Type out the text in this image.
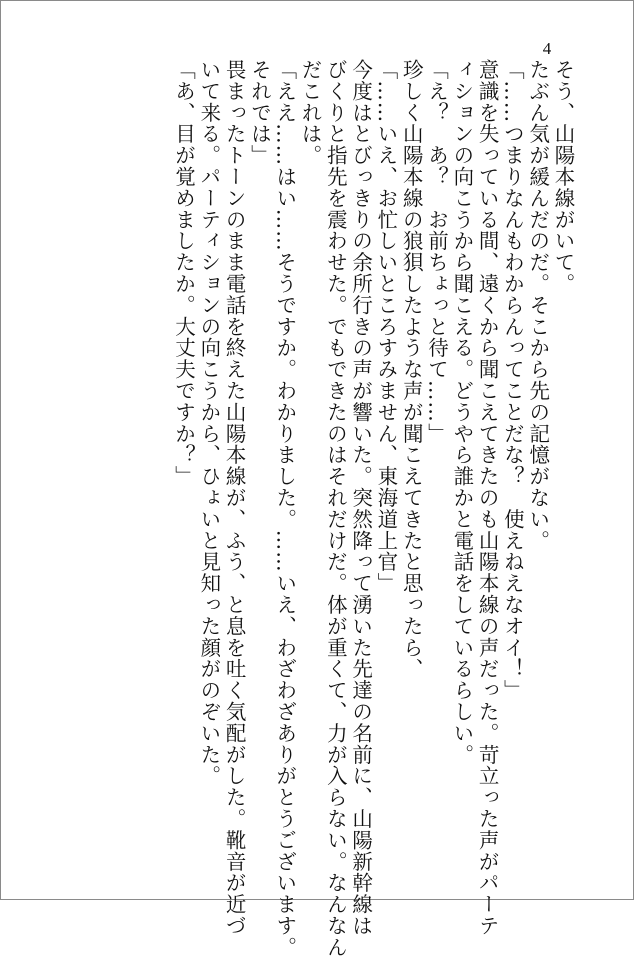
4

そう、山陽本線がいて。

たぶん気が緩んだのだ。そこから先の記憶がない。

「……つまりなんもわからんってことだな？　使えねえなオイ！」

意識を失っている間、遠くから聞こえてきたのも山陽本線の声だった。苛立った声がパーテ

ィションの向こうから聞こえる。どうやら誰かと電話をしているらしい。

「え？　あ？　お前ちょっと待て……」

珍しく山陽本線の狼狽したような声が聞こえてきたと思ったら、

「……いえ、お忙しいところすみません、東海道上官」

今度はとびっきりの余所行きの声が響いた。突然降って湧いた先達の名前に、山陽新幹線は

びくりと指先を震わせた。でもできたのはそれだけだ。体が重くて、力が入らない。なんなん

だこれは。

「ええ……はい……そうですか。わかりました。……いえ、わざわざありがとうございます。

それでは」

畏まったトーンのまま電話を終えた山陽本線が、ふう、と息を吐く気配がした。靴音が近づ

いて来る。パーティションの向こうから、ひょいと見知った顔がのぞいた。

「あ、目が覚めましたか。大丈夫ですか？」
